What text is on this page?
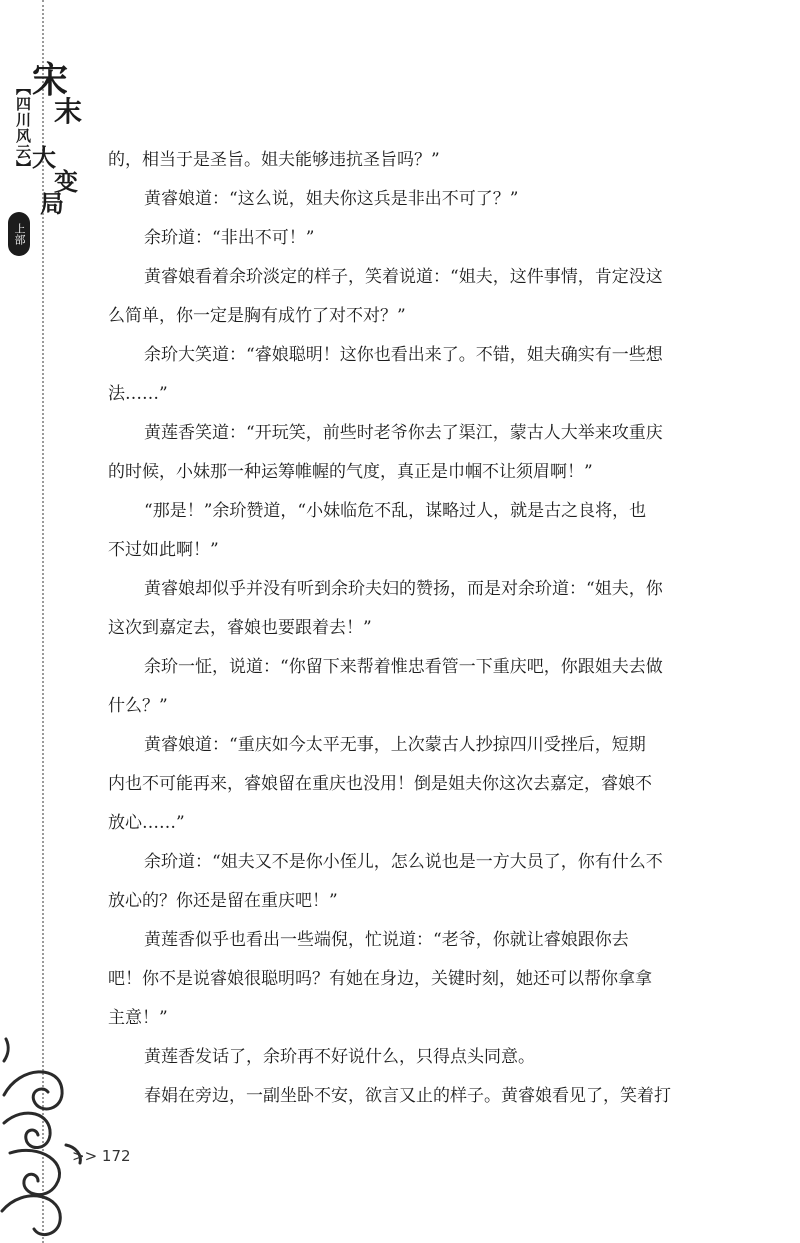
【四川风云】 宋
末
大
变
局
上部
的，相当于是圣旨。姐夫能够违抗圣旨吗？”
黄睿娘道：“这么说，姐夫你这兵是非出不可了？”
余玠道：“非出不可！”
黄睿娘看着余玠淡定的样子，笑着说道：“姐夫，这件事情，肯定没这
么简单，你一定是胸有成竹了对不对？”
余玠大笑道：“睿娘聪明！这你也看出来了。不错，姐夫确实有一些想
法……”
黄莲香笑道：“开玩笑，前些时老爷你去了渠江，蒙古人大举来攻重庆
的时候，小妹那一种运筹帷幄的气度，真正是巾帼不让须眉啊！”
“那是！”余玠赞道，“小妹临危不乱，谋略过人，就是古之良将，也
不过如此啊！”
黄睿娘却似乎并没有听到余玠夫妇的赞扬，而是对余玠道：“姐夫，你
这次到嘉定去，睿娘也要跟着去！”
余玠一怔，说道：“你留下来帮着惟忠看管一下重庆吧，你跟姐夫去做
什么？”
黄睿娘道：“重庆如今太平无事，上次蒙古人抄掠四川受挫后，短期
内也不可能再来，睿娘留在重庆也没用！倒是姐夫你这次去嘉定，睿娘不
放心……”
余玠道：“姐夫又不是你小侄儿，怎么说也是一方大员了，你有什么不
放心的？你还是留在重庆吧！”
黄莲香似乎也看出一些端倪，忙说道：“老爷，你就让睿娘跟你去
吧！你不是说睿娘很聪明吗？有她在身边，关键时刻，她还可以帮你拿拿
主意！”
黄莲香发话了，余玠再不好说什么，只得点头同意。
春娟在旁边，一副坐卧不安，欲言又止的样子。黄睿娘看见了，笑着打
>> 172
